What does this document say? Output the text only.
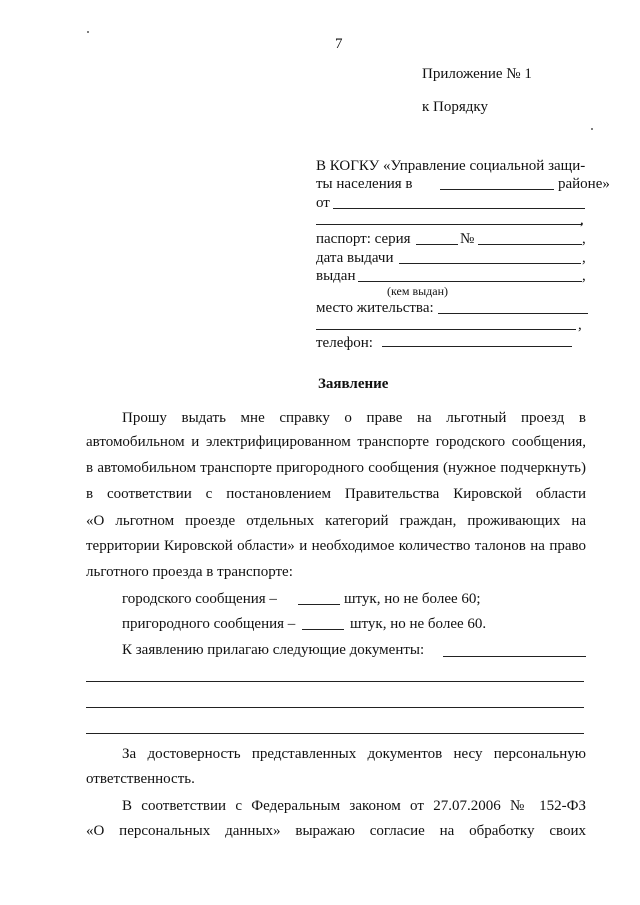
7
Приложение № 1
к Порядку
В КОГКУ «Управление социальной защи-
ты населения в	районе»
от
,
паспорт: серия	№	,
дата выдачи	,
выдан	,
(кем выдан)
место жительства:
,
телефон:
Заявление
Прошу выдать мне справку о праве на льготный проезд в
автомобильном и электрифицированном транспорте городского сообщения,
в автомобильном транспорте пригородного сообщения (нужное подчеркнуть)
в соответствии с постановлением Правительства Кировской области
«О льготном проезде отдельных категорий граждан, проживающих на
территории Кировской области» и необходимое количество талонов на право
льготного проезда в транспорте:
городского сообщения –	штук, но не более 60;
пригородного сообщения –	штук, но не более 60.
К заявлению прилагаю следующие документы:
За достоверность представленных документов несу персональную
ответственность.
В соответствии с Федеральным законом от 27.07.2006 № 152-ФЗ
«О персональных данных» выражаю согласие на обработку своих
